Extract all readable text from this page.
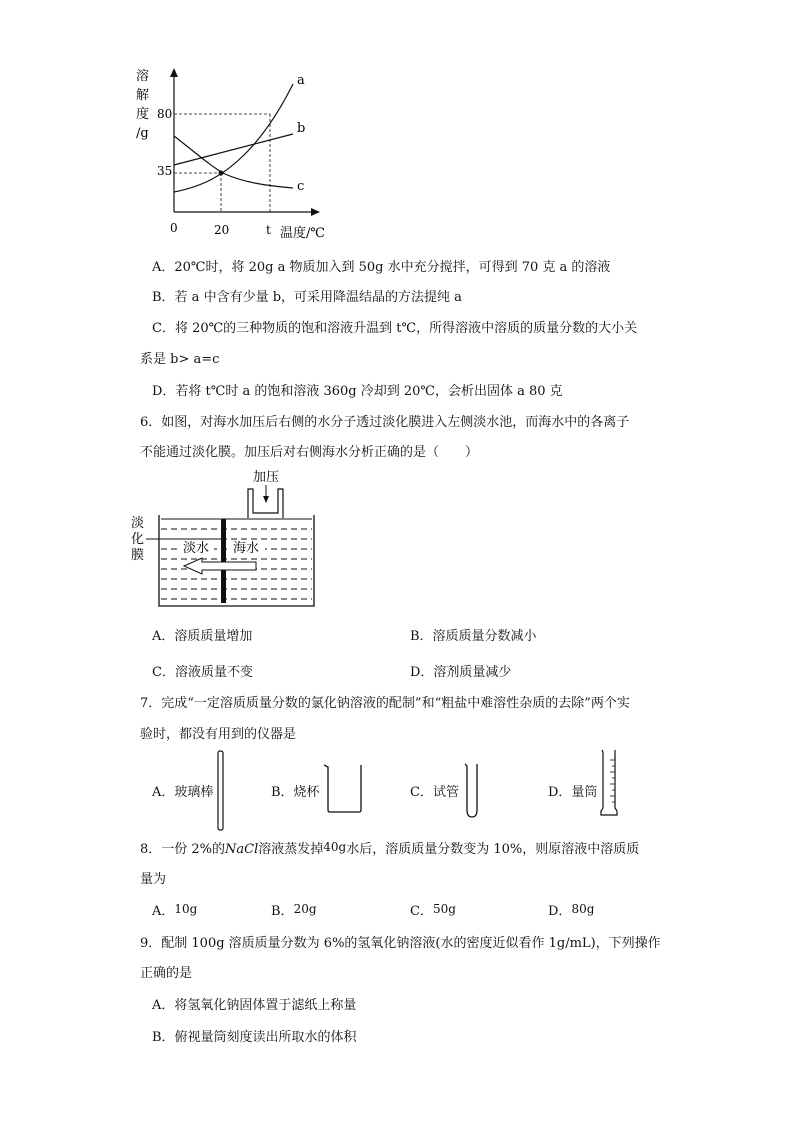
溶
解
度
/g
80
35
0	20	t 温度/℃
a
b
c
A．20℃时，将 20g a 物质加入到 50g 水中充分搅拌，可得到 70 克 a 的溶液
B．若 a 中含有少量 b，可采用降温结晶的方法提纯 a
C．将 20℃的三种物质的饱和溶液升温到 t℃，所得溶液中溶质的质量分数的大小关
系是 b> a=c
D．若将 t℃时 a 的饱和溶液 360g 冷却到 20℃，会析出固体 a 80 克
6．如图，对海水加压后右侧的水分子透过淡化膜进入左侧淡水池，而海水中的各离子
不能通过淡化膜。加压后对右侧海水分析正确的是（　　）
加压
淡
化
膜	淡水 海水
A．溶质质量增加	B．溶质质量分数减小
C．溶液质量不变	D．溶剂质量减少
7．完成“一定溶质质量分数的氯化钠溶液的配制”和“粗盐中难溶性杂质的去除”两个实
验时，都没有用到的仪器是
A．玻璃棒	B．烧杯	C．试管	D．量筒
8．一份 2%的NaCl溶液蒸发掉40g水后，溶质质量分数变为 10%，则原溶液中溶质质
量为
A．10g	B．20g	C．50g	D．80g
9．配制 100g 溶质质量分数为 6%的氢氧化钠溶液(水的密度近似看作 1g/mL)，下列操作
正确的是
A．将氢氧化钠固体置于滤纸上称量
B．俯视量筒刻度读出所取水的体积
